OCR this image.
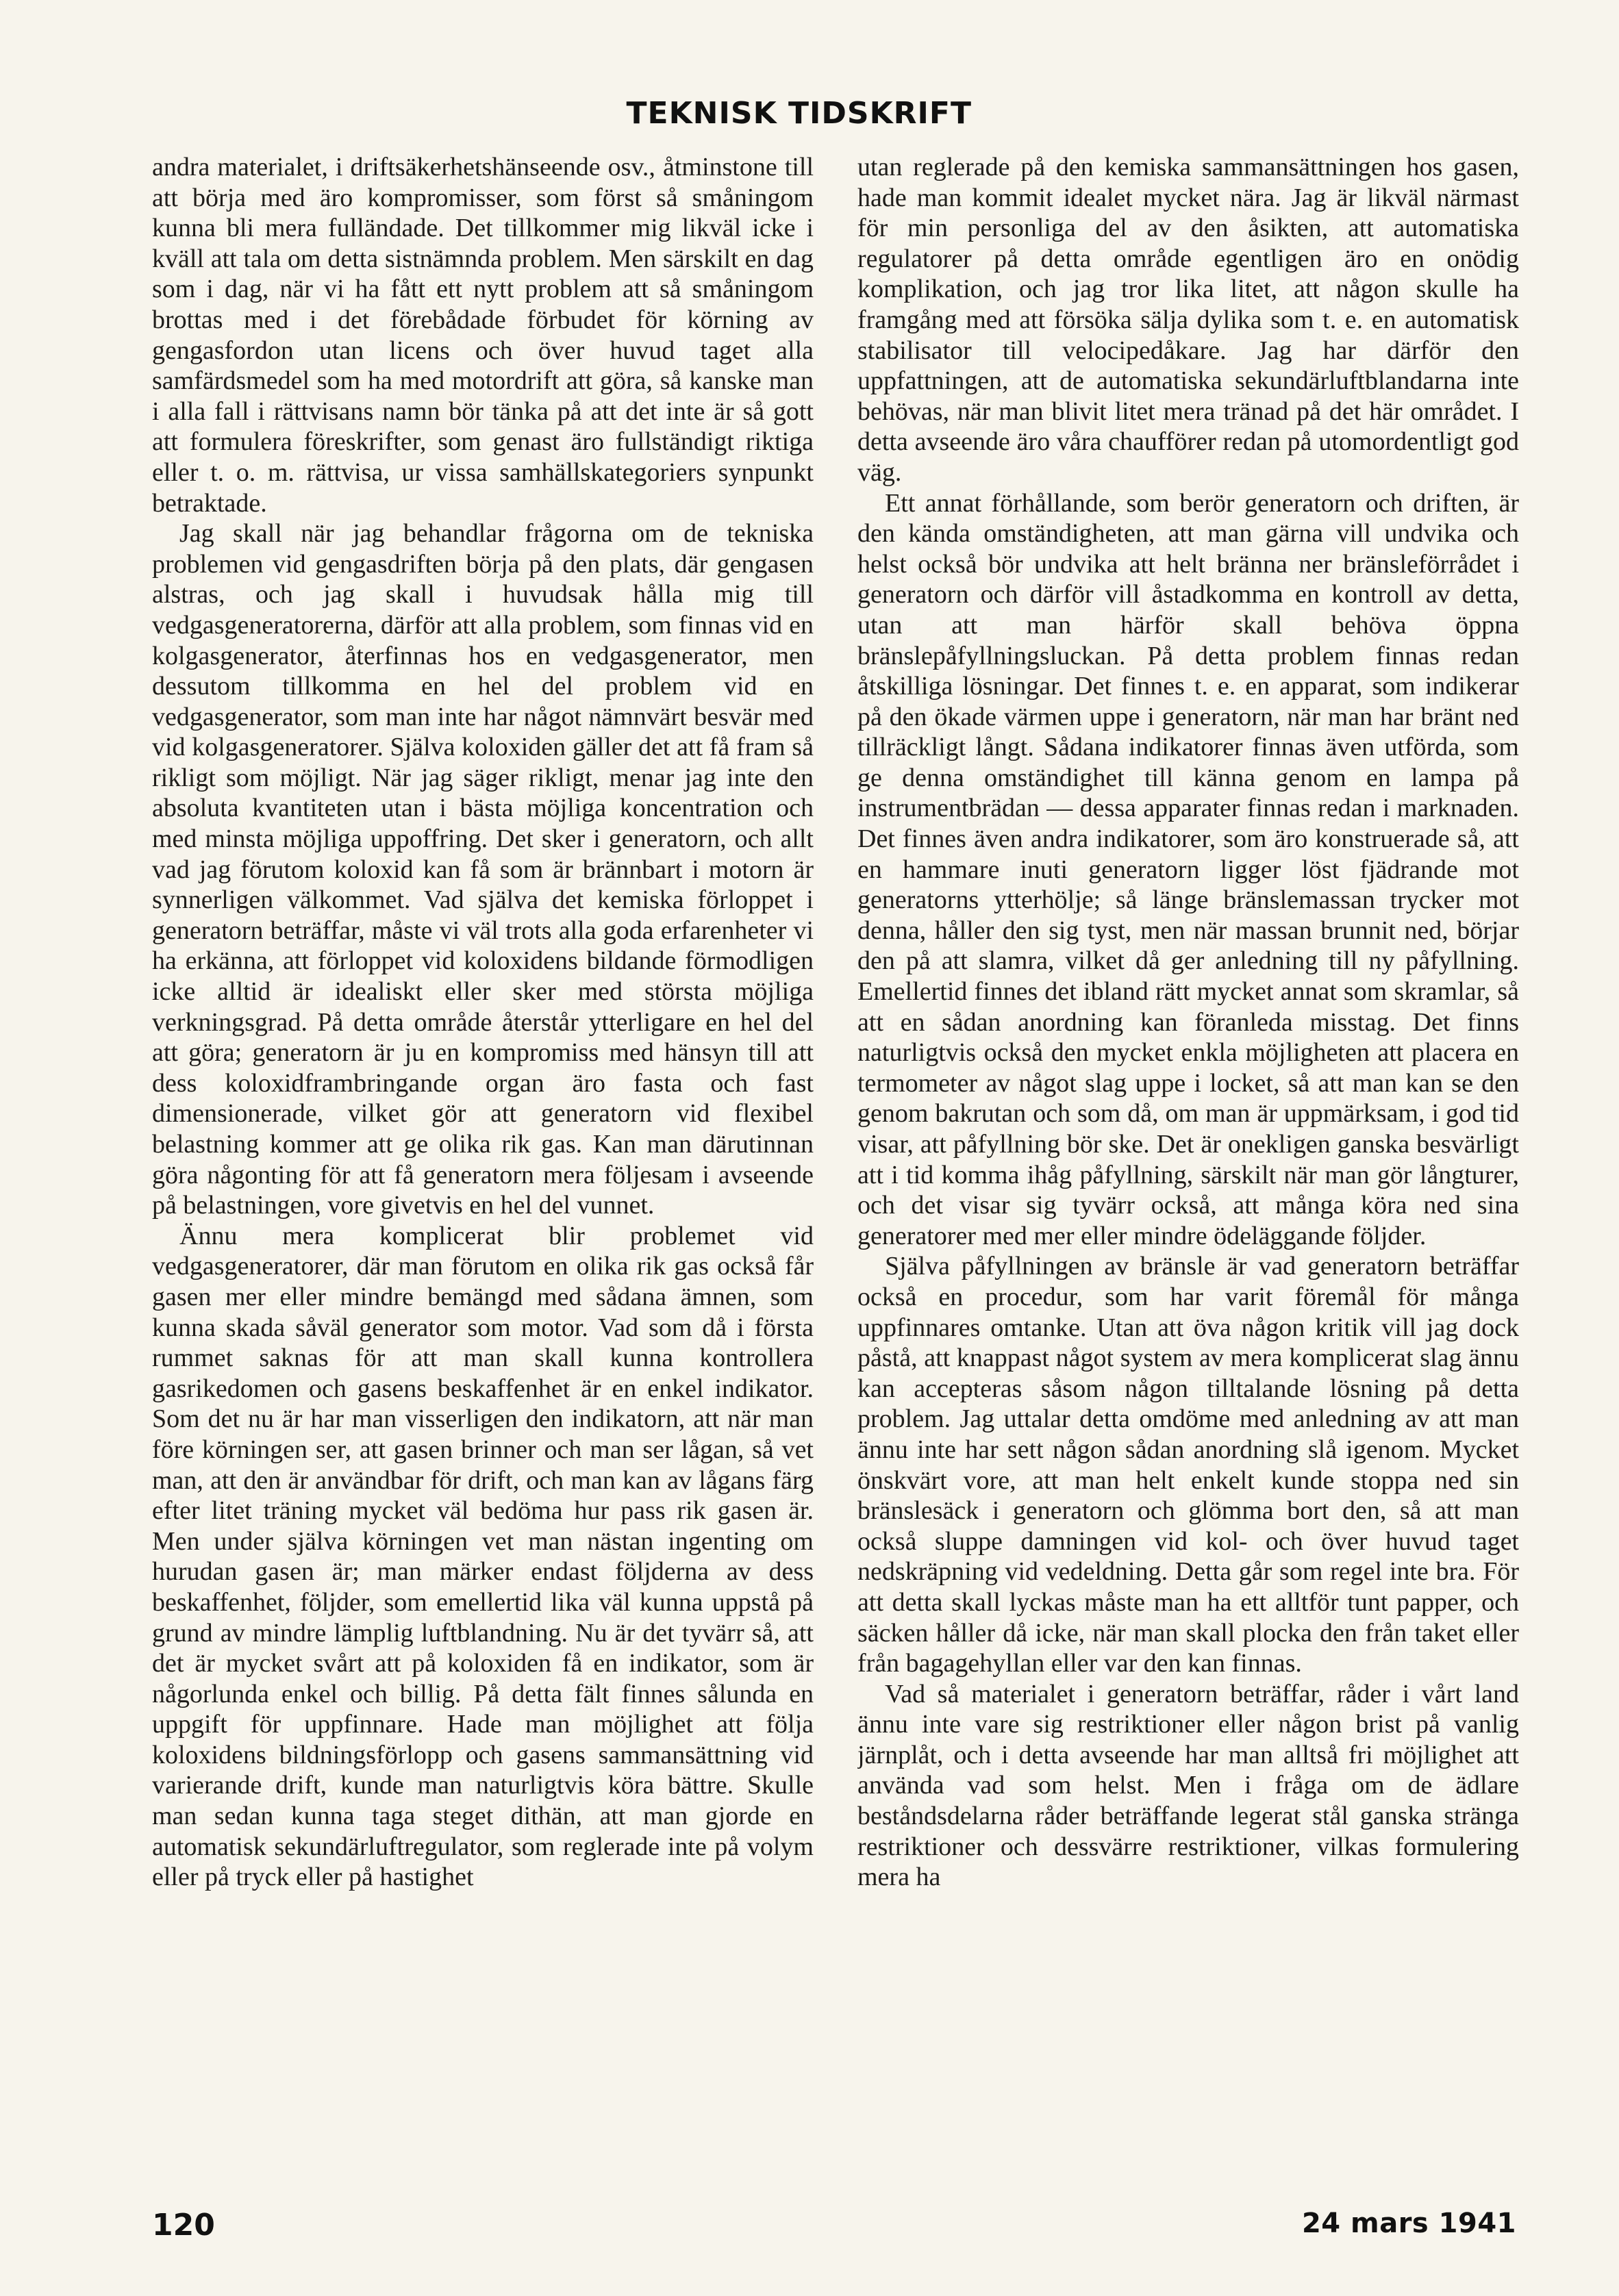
TEKNISK TIDSKRIFT

andra materialet, i driftsäkerhetshänseende osv., åtminstone till att börja med äro kompromisser, som först så småningom kunna bli mera fulländade. Det tillkommer mig likväl icke i kväll att tala om detta sistnämnda problem. Men särskilt en dag som i dag, när vi ha fått ett nytt problem att så småningom brottas med i det förebådade förbudet för körning av gengasfordon utan licens och över huvud taget alla samfärdsmedel som ha med motordrift att göra, så kanske man i alla fall i rättvisans namn bör tänka på att det inte är så gott att formulera föreskrifter, som genast äro fullständigt riktiga eller t. o. m. rättvisa, ur vissa samhällskategoriers synpunkt betraktade.

Jag skall när jag behandlar frågorna om de tekniska problemen vid gengasdriften börja på den plats, där gengasen alstras, och jag skall i huvudsak hålla mig till vedgasgeneratorerna, därför att alla problem, som finnas vid en kolgasgenerator, återfinnas hos en vedgasgenerator, men dessutom tillkomma en hel del problem vid en vedgasgenerator, som man inte har något nämnvärt besvär med vid kolgasgeneratorer. Själva koloxiden gäller det att få fram så rikligt som möjligt. När jag säger rikligt, menar jag inte den absoluta kvantiteten utan i bästa möjliga koncentration och med minsta möjliga uppoffring. Det sker i generatorn, och allt vad jag förutom koloxid kan få som är brännbart i motorn är synnerligen välkommet. Vad själva det kemiska förloppet i generatorn beträffar, måste vi väl trots alla goda erfarenheter vi ha erkänna, att förloppet vid koloxidens bildande förmodligen icke alltid är idealiskt eller sker med största möjliga verkningsgrad. På detta område återstår ytterligare en hel del att göra; generatorn är ju en kompromiss med hänsyn till att dess koloxidframbringande organ äro fasta och fast dimensionerade, vilket gör att generatorn vid flexibel belastning kommer att ge olika rik gas. Kan man därutinnan göra någonting för att få generatorn mera följesam i avseende på belastningen, vore givetvis en hel del vunnet.

Ännu mera komplicerat blir problemet vid vedgasgeneratorer, där man förutom en olika rik gas också får gasen mer eller mindre bemängd med sådana ämnen, som kunna skada såväl generator som motor. Vad som då i första rummet saknas för att man skall kunna kontrollera gasrikedomen och gasens beskaffenhet är en enkel indikator. Som det nu är har man visserligen den indikatorn, att när man före körningen ser, att gasen brinner och man ser lågan, så vet man, att den är användbar för drift, och man kan av lågans färg efter litet träning mycket väl bedöma hur pass rik gasen är. Men under själva körningen vet man nästan ingenting om hurudan gasen är; man märker endast följderna av dess beskaffenhet, följder, som emellertid lika väl kunna uppstå på grund av mindre lämplig luftblandning. Nu är det tyvärr så, att det är mycket svårt att på koloxiden få en indikator, som är någorlunda enkel och billig. På detta fält finnes sålunda en uppgift för uppfinnare. Hade man möjlighet att följa koloxidens bildningsförlopp och gasens sammansättning vid varierande drift, kunde man naturligtvis köra bättre. Skulle man sedan kunna taga steget dithän, att man gjorde en automatisk sekundärluftregulator, som reglerade inte på volym eller på tryck eller på hastighet

utan reglerade på den kemiska sammansättningen hos gasen, hade man kommit idealet mycket nära. Jag är likväl närmast för min personliga del av den åsikten, att automatiska regulatorer på detta område egentligen äro en onödig komplikation, och jag tror lika litet, att någon skulle ha framgång med att försöka sälja dylika som t. e. en automatisk stabilisator till velocipedåkare. Jag har därför den uppfattningen, att de automatiska sekundärluftblandarna inte behövas, när man blivit litet mera tränad på det här området. I detta avseende äro våra chaufförer redan på utomordentligt god väg.

Ett annat förhållande, som berör generatorn och driften, är den kända omständigheten, att man gärna vill undvika och helst också bör undvika att helt bränna ner bränsleförrådet i generatorn och därför vill åstadkomma en kontroll av detta, utan att man härför skall behöva öppna bränslepåfyllningsluckan. På detta problem finnas redan åtskilliga lösningar. Det finnes t. e. en apparat, som indikerar på den ökade värmen uppe i generatorn, när man har bränt ned tillräckligt långt. Sådana indikatorer finnas även utförda, som ge denna omständighet till känna genom en lampa på instrumentbrädan — dessa apparater finnas redan i marknaden. Det finnes även andra indikatorer, som äro konstruerade så, att en hammare inuti generatorn ligger löst fjädrande mot generatorns ytterhölje; så länge bränslemassan trycker mot denna, håller den sig tyst, men när massan brunnit ned, börjar den på att slamra, vilket då ger anledning till ny påfyllning. Emellertid finnes det ibland rätt mycket annat som skramlar, så att en sådan anordning kan föranleda misstag. Det finns naturligtvis också den mycket enkla möjligheten att placera en termometer av något slag uppe i locket, så att man kan se den genom bakrutan och som då, om man är uppmärksam, i god tid visar, att påfyllning bör ske. Det är onekligen ganska besvärligt att i tid komma ihåg påfyllning, särskilt när man gör långturer, och det visar sig tyvärr också, att många köra ned sina generatorer med mer eller mindre ödeläggande följder.

Själva påfyllningen av bränsle är vad generatorn beträffar också en procedur, som har varit föremål för många uppfinnares omtanke. Utan att öva någon kritik vill jag dock påstå, att knappast något system av mera komplicerat slag ännu kan accepteras såsom någon tilltalande lösning på detta problem. Jag uttalar detta omdöme med anledning av att man ännu inte har sett någon sådan anordning slå igenom. Mycket önskvärt vore, att man helt enkelt kunde stoppa ned sin bränslesäck i generatorn och glömma bort den, så att man också sluppe damningen vid kol- och över huvud taget nedskräpning vid vedeldning. Detta går som regel inte bra. För att detta skall lyckas måste man ha ett alltför tunt papper, och säcken håller då icke, när man skall plocka den från taket eller från bagagehyllan eller var den kan finnas.

Vad så materialet i generatorn beträffar, råder i vårt land ännu inte vare sig restriktioner eller någon brist på vanlig järnplåt, och i detta avseende har man alltså fri möjlighet att använda vad som helst. Men i fråga om de ädlare beståndsdelarna råder beträffande legerat stål ganska stränga restriktioner och dessvärre restriktioner, vilkas formulering mera ha

120	24 mars 1941
